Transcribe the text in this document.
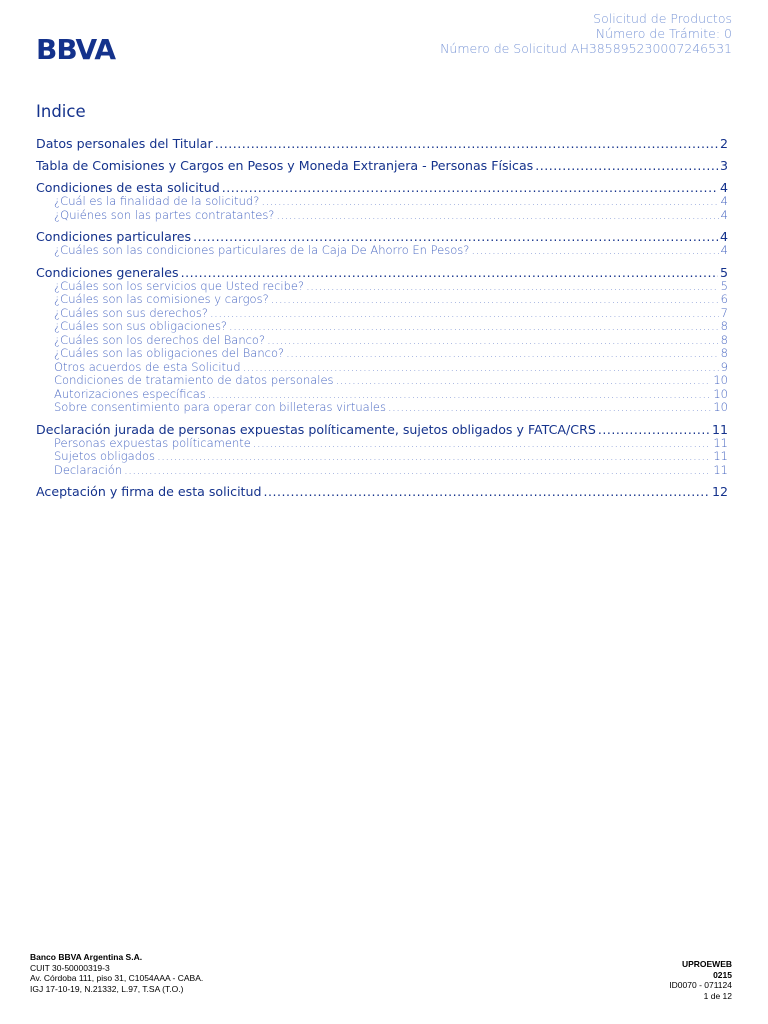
BBVA
Solicitud de Productos
Número de Trámite: 0
Número de Solicitud AH385895230007246531
Indice
Datos personales del Titular .....	2
Tabla de Comisiones y Cargos en Pesos y Moneda Extranjera - Personas Físicas .....	3
Condiciones de esta solicitud .....	4
¿Cuál es la finalidad de la solicitud? .....	4
¿Quiénes son las partes contratantes? .....	4
Condiciones particulares .....	4
¿Cuáles son las condiciones particulares de la Caja De Ahorro En Pesos? .....	4
Condiciones generales .....	5
¿Cuáles son los servicios que Usted recibe? .....	5
¿Cuáles son las comisiones y cargos? .....	6
¿Cuáles son sus derechos? .....	7
¿Cuáles son sus obligaciones? .....	8
¿Cuáles son los derechos del Banco? .....	8
¿Cuáles son las obligaciones del Banco? .....	8
Otros acuerdos de esta Solicitud .....	9
Condiciones de tratamiento de datos personales .....	10
Autorizaciones específicas .....	10
Sobre consentimiento para operar con billeteras virtuales .....	10
Declaración jurada de personas expuestas políticamente, sujetos obligados y FATCA/CRS .....	11
Personas expuestas políticamente .....	11
Sujetos obligados .....	11
Declaración .....	11
Aceptación y firma de esta solicitud .....	12
Banco BBVA Argentina S.A.
CUIT 30-50000319-3
Av. Córdoba 111, piso 31, C1054AAA - CABA.
IGJ 17-10-19, N.21332, L.97, T.SA (T.O.)
UPROEWEB
0215
ID0070 - 071124
1 de 12
